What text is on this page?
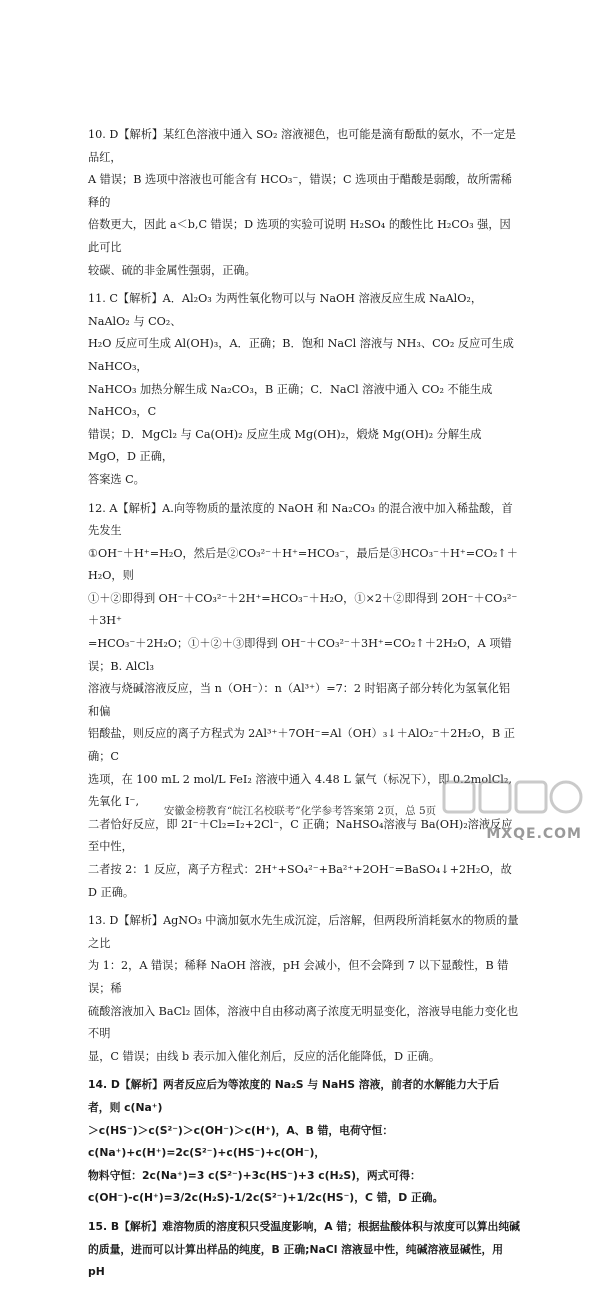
10. D【解析】某红色溶液中通入 SO₂ 溶液褪色，也可能是滴有酚酞的氨水，不一定是品红，

A 错误；B 选项中溶液也可能含有 HCO₃⁻，错误；C 选项由于醋酸是弱酸，故所需稀释的

倍数更大，因此 a＜b,C 错误；D 选项的实验可说明 H₂SO₄ 的酸性比 H₂CO₃ 强，因此可比

较碳、硫的非金属性强弱，正确。

11. C【解析】A．Al₂O₃ 为两性氧化物可以与 NaOH 溶液反应生成 NaAlO₂，NaAlO₂ 与 CO₂、

H₂O 反应可生成 Al(OH)₃，A．正确；B．饱和 NaCl 溶液与 NH₃、CO₂ 反应可生成 NaHCO₃，

NaHCO₃ 加热分解生成 Na₂CO₃，B 正确；C．NaCl 溶液中通入 CO₂ 不能生成 NaHCO₃，C

错误；D．MgCl₂ 与 Ca(OH)₂ 反应生成 Mg(OH)₂，煅烧 Mg(OH)₂ 分解生成 MgO，D 正确，

答案选 C。

12. A【解析】A.向等物质的量浓度的 NaOH 和 Na₂CO₃ 的混合液中加入稀盐酸，首先发生

①OH⁻＋H⁺=H₂O，然后是②CO₃²⁻＋H⁺=HCO₃⁻，最后是③HCO₃⁻＋H⁺=CO₂↑＋H₂O，则

①＋②即得到 OH⁻＋CO₃²⁻＋2H⁺=HCO₃⁻＋H₂O，①×2＋②即得到 2OH⁻＋CO₃²⁻＋3H⁺

=HCO₃⁻＋2H₂O；①＋②＋③即得到 OH⁻＋CO₃²⁻＋3H⁺=CO₂↑＋2H₂O，A 项错误；B. AlCl₃

溶液与烧碱溶液反应，当 n（OH⁻）：n（Al³⁺）=7：2 时铝离子部分转化为氢氧化铝和偏

铝酸盐，则反应的离子方程式为 2Al³⁺＋7OH⁻=Al（OH）₃↓＋AlO₂⁻＋2H₂O，B 正确；C

选项，在 100 mL 2 mol/L FeI₂ 溶液中通入 4.48 L 氯气（标况下），即 0.2molCl₂,先氧化 I⁻,

二者恰好反应，即 2I⁻＋Cl₂=I₂+2Cl⁻，C 正确；NaHSO₄溶液与 Ba(OH)₂溶液反应至中性，

二者按 2：1 反应，离子方程式：2H⁺+SO₄²⁻+Ba²⁺+2OH⁻=BaSO₄↓+2H₂O，故 D 正确。

13. D【解析】AgNO₃ 中滴加氨水先生成沉淀，后溶解，但两段所消耗氨水的物质的量之比

为 1：2，A 错误；稀释 NaOH 溶液，pH 会减小，但不会降到 7 以下显酸性，B 错误；稀

硫酸溶液加入 BaCl₂ 固体，溶液中自由移动离子浓度无明显变化，溶液导电能力变化也不明

显，C 错误；由线 b 表示加入催化剂后，反应的活化能降低，D 正确。

14. D【解析】两者反应后为等浓度的 Na₂S 与 NaHS 溶液，前者的水解能力大于后者，则 c(Na⁺)

＞c(HS⁻)＞c(S²⁻)＞c(OH⁻)＞c(H⁺)，A、B 错，电荷守恒：c(Na⁺)+c(H⁺)=2c(S²⁻)+c(HS⁻)+c(OH⁻)，

物料守恒：2c(Na⁺)=3 c(S²⁻)+3c(HS⁻)+3 c(H₂S)，两式可得：

c(OH⁻)-c(H⁺)=3/2c(H₂S)-1/2c(S²⁻)+1/2c(HS⁻)，C 错，D 正确。

15. B【解析】难溶物质的溶度积只受温度影响，A 错；根据盐酸体积与浓度可以算出纯碱

的质量，进而可以计算出样品的纯度，B 正确;NaCl 溶液显中性，纯碱溶液显碱性，用 pH

安徽金榜教育“皖江名校联考”化学参考答案第 2页，总 5页
MXQE.COM
